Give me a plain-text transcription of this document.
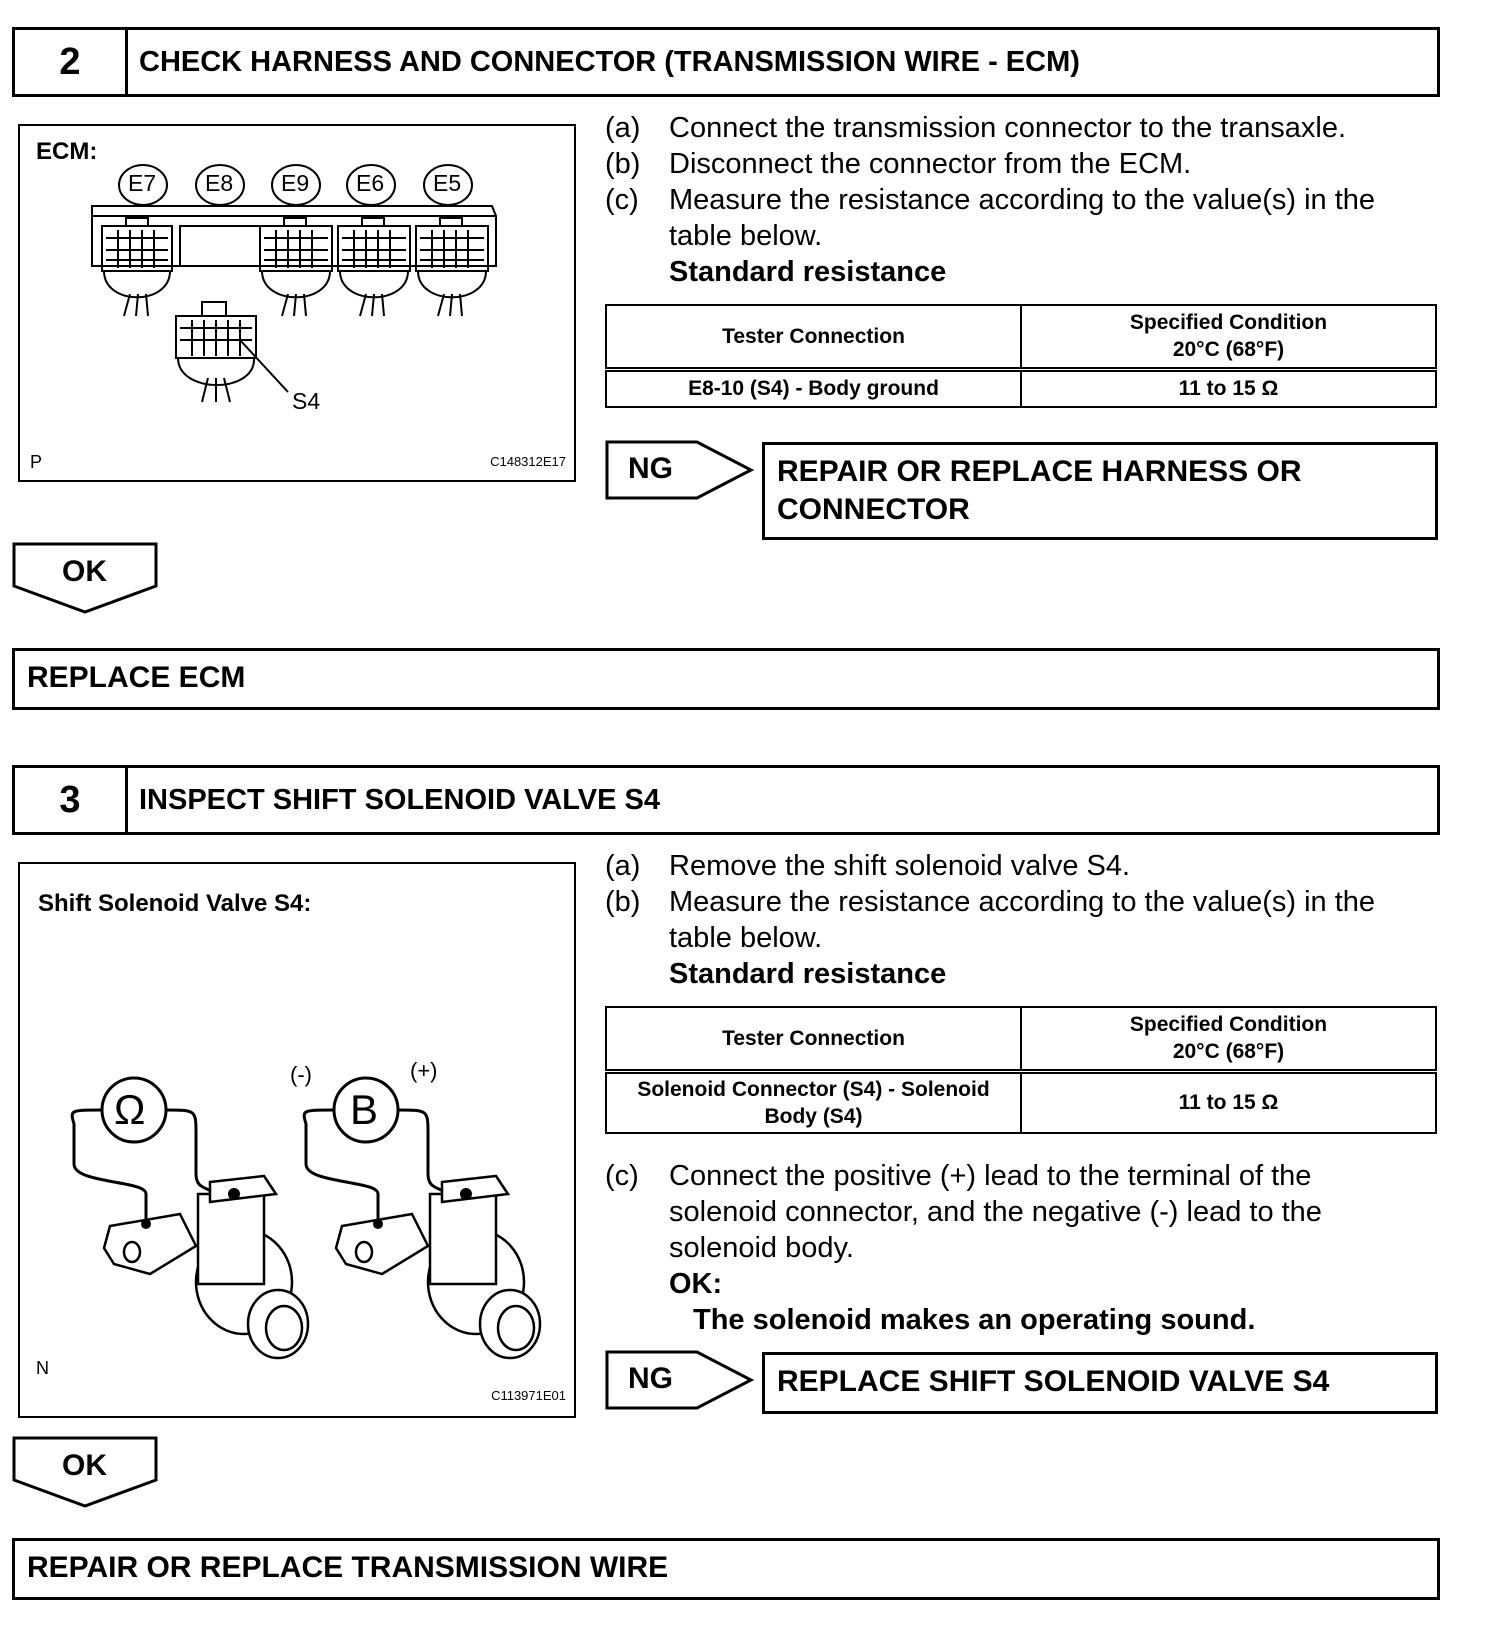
2	CHECK HARNESS AND CONNECTOR (TRANSMISSION WIRE - ECM)
ECM:
E7 E8 E9 E6 E5
S4
P	C148312E17
(a) Connect the transmission connector to the transaxle.
(b) Disconnect the connector from the ECM.
(c) Measure the resistance according to the value(s) in the table below.
Standard resistance
Tester Connection	Specified Condition
20°C (68°F)

E8-10 (S4) - Body ground	11 to 15 Ω
NG	REPAIR OR REPLACE HARNESS OR CONNECTOR
OK
REPLACE ECM
3	INSPECT SHIFT SOLENOID VALVE S4
Shift Solenoid Valve S4:
Ω	B
(-)	(+)
N
C113971E01
(a) Remove the shift solenoid valve S4.
(b) Measure the resistance according to the value(s) in the table below.
Standard resistance
Tester Connection	Specified Condition
20°C (68°F)

Solenoid Connector (S4) - Solenoid Body (S4)	11 to 15 Ω
(c) Connect the positive (+) lead to the terminal of the solenoid connector, and the negative (-) lead to the solenoid body.
OK:
The solenoid makes an operating sound.
NG	REPLACE SHIFT SOLENOID VALVE S4
OK
REPAIR OR REPLACE TRANSMISSION WIRE
